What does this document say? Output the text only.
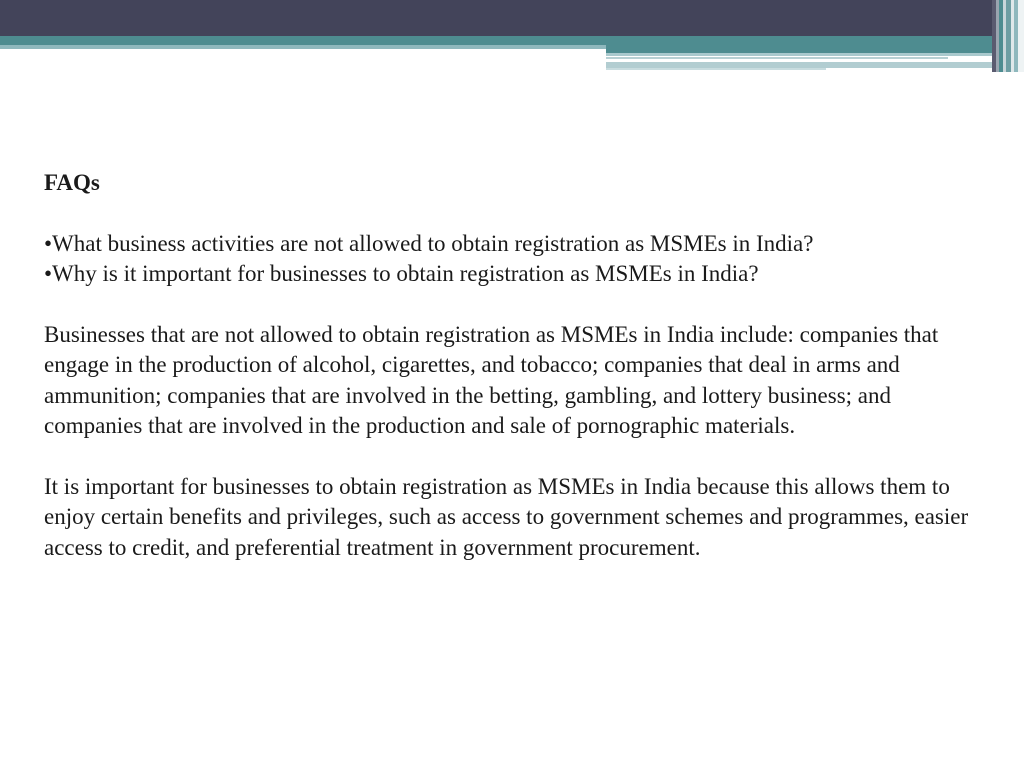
FAQs

•What business activities are not allowed to obtain registration as MSMEs in India?

•Why is it important for businesses to obtain registration as MSMEs in India?

Businesses that are not allowed to obtain registration as MSMEs in India include: companies that engage in the production of alcohol, cigarettes, and tobacco; companies that deal in arms and ammunition; companies that are involved in the betting, gambling, and lottery business; and companies that are involved in the production and sale of pornographic materials.

It is important for businesses to obtain registration as MSMEs in India because this allows them to enjoy certain benefits and privileges, such as access to government schemes and programmes, easier access to credit, and preferential treatment in government procurement.
